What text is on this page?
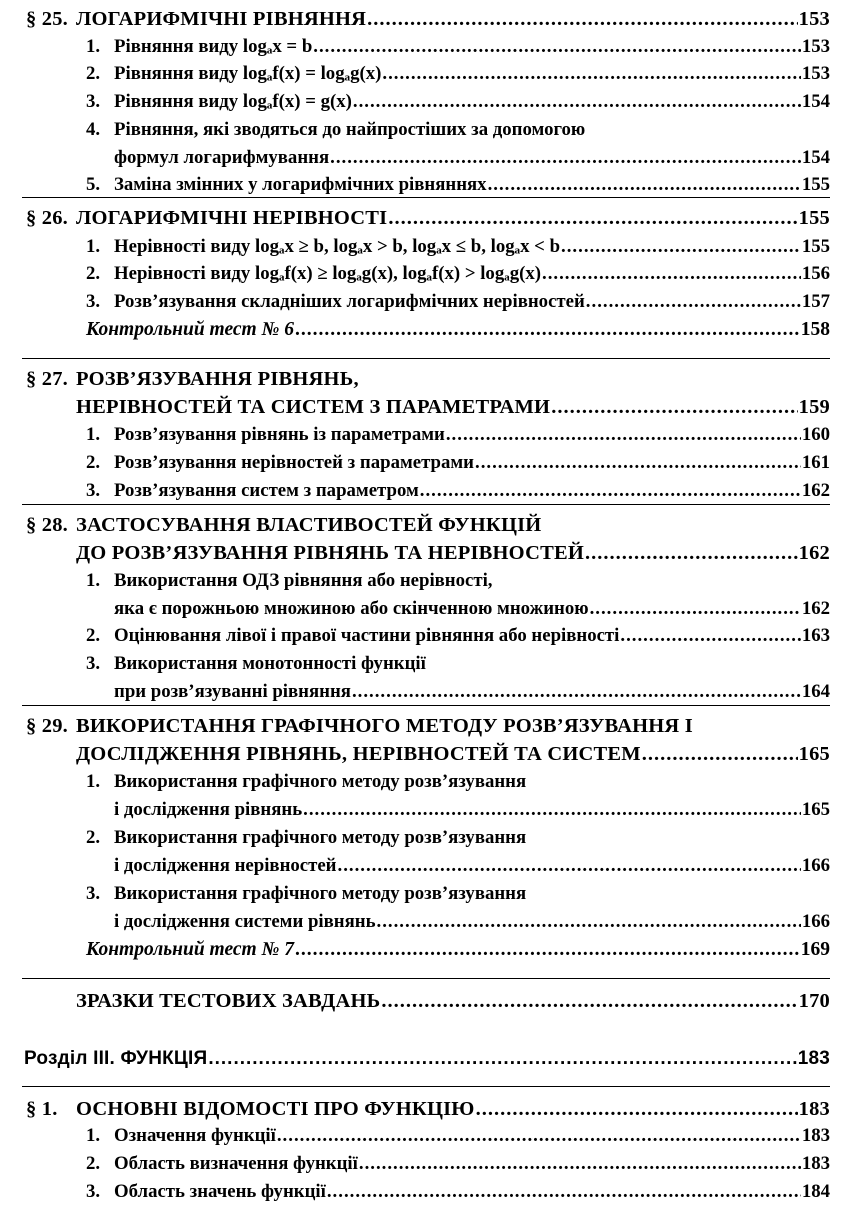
§ 25. ЛОГАРИФМІЧНІ РІВНЯННЯ .....	153
1. Рівняння виду logₐx = b .....	153
2. Рівняння виду logₐf(x) = logₐg(x) .....	153
3. Рівняння виду logₐf(x) = g(x) .....	154
4. Рівняння, які зводяться до найпростіших за допомогою
формул логарифмування .....	154
5. Заміна змінних у логарифмічних рівняннях .....	155
§ 26. ЛОГАРИФМІЧНІ НЕРІВНОСТІ .....	155
1. Нерівності виду logₐx ≥ b, logₐx > b, logₐx ≤ b, logₐx < b .....	155
2. Нерівності виду logₐf(x) ≥ logₐg(x), logₐf(x) > logₐg(x) .....	156
3. Розв’язування складніших логарифмічних нерівностей .....	157
Контрольний тест № 6 .....	158
§ 27. РОЗВ’ЯЗУВАННЯ РІВНЯНЬ,
НЕРІВНОСТЕЙ ТА СИСТЕМ З ПАРАМЕТРАМИ .....	159
1. Розв’язування рівнянь із параметрами .....	160
2. Розв’язування нерівностей з параметрами .....	161
3. Розв’язування систем з параметром .....	162
§ 28. ЗАСТОСУВАННЯ ВЛАСТИВОСТЕЙ ФУНКЦІЙ
ДО РОЗВ’ЯЗУВАННЯ РІВНЯНЬ ТА НЕРІВНОСТЕЙ .....	162
1. Використання ОДЗ рівняння або нерівності,
яка є порожньою множиною або скінченною множиною .....	162
2. Оцінювання лівої і правої частини рівняння або нерівності .....	163
3. Використання монотонності функції
при розв’язуванні рівняння .....	164
§ 29. ВИКОРИСТАННЯ ГРАФІЧНОГО МЕТОДУ РОЗВ’ЯЗУВАННЯ І
ДОСЛІДЖЕННЯ РІВНЯНЬ, НЕРІВНОСТЕЙ ТА СИСТЕМ .....	165
1. Використання графічного методу розв’язування
і дослідження рівнянь .....	165
2. Використання графічного методу розв’язування
і дослідження нерівностей .....	166
3. Використання графічного методу розв’язування
і дослідження системи рівнянь .....	166
Контрольний тест № 7 .....	169
ЗРАЗКИ ТЕСТОВИХ ЗАВДАНЬ .....	170
Розділ III. ФУНКЦІЯ .....	183
§ 1. ОСНОВНІ ВІДОМОСТІ ПРО ФУНКЦІЮ .....	183
1. Означення функції .....	183
2. Область визначення функції .....	183
3. Область значень функції .....	184
